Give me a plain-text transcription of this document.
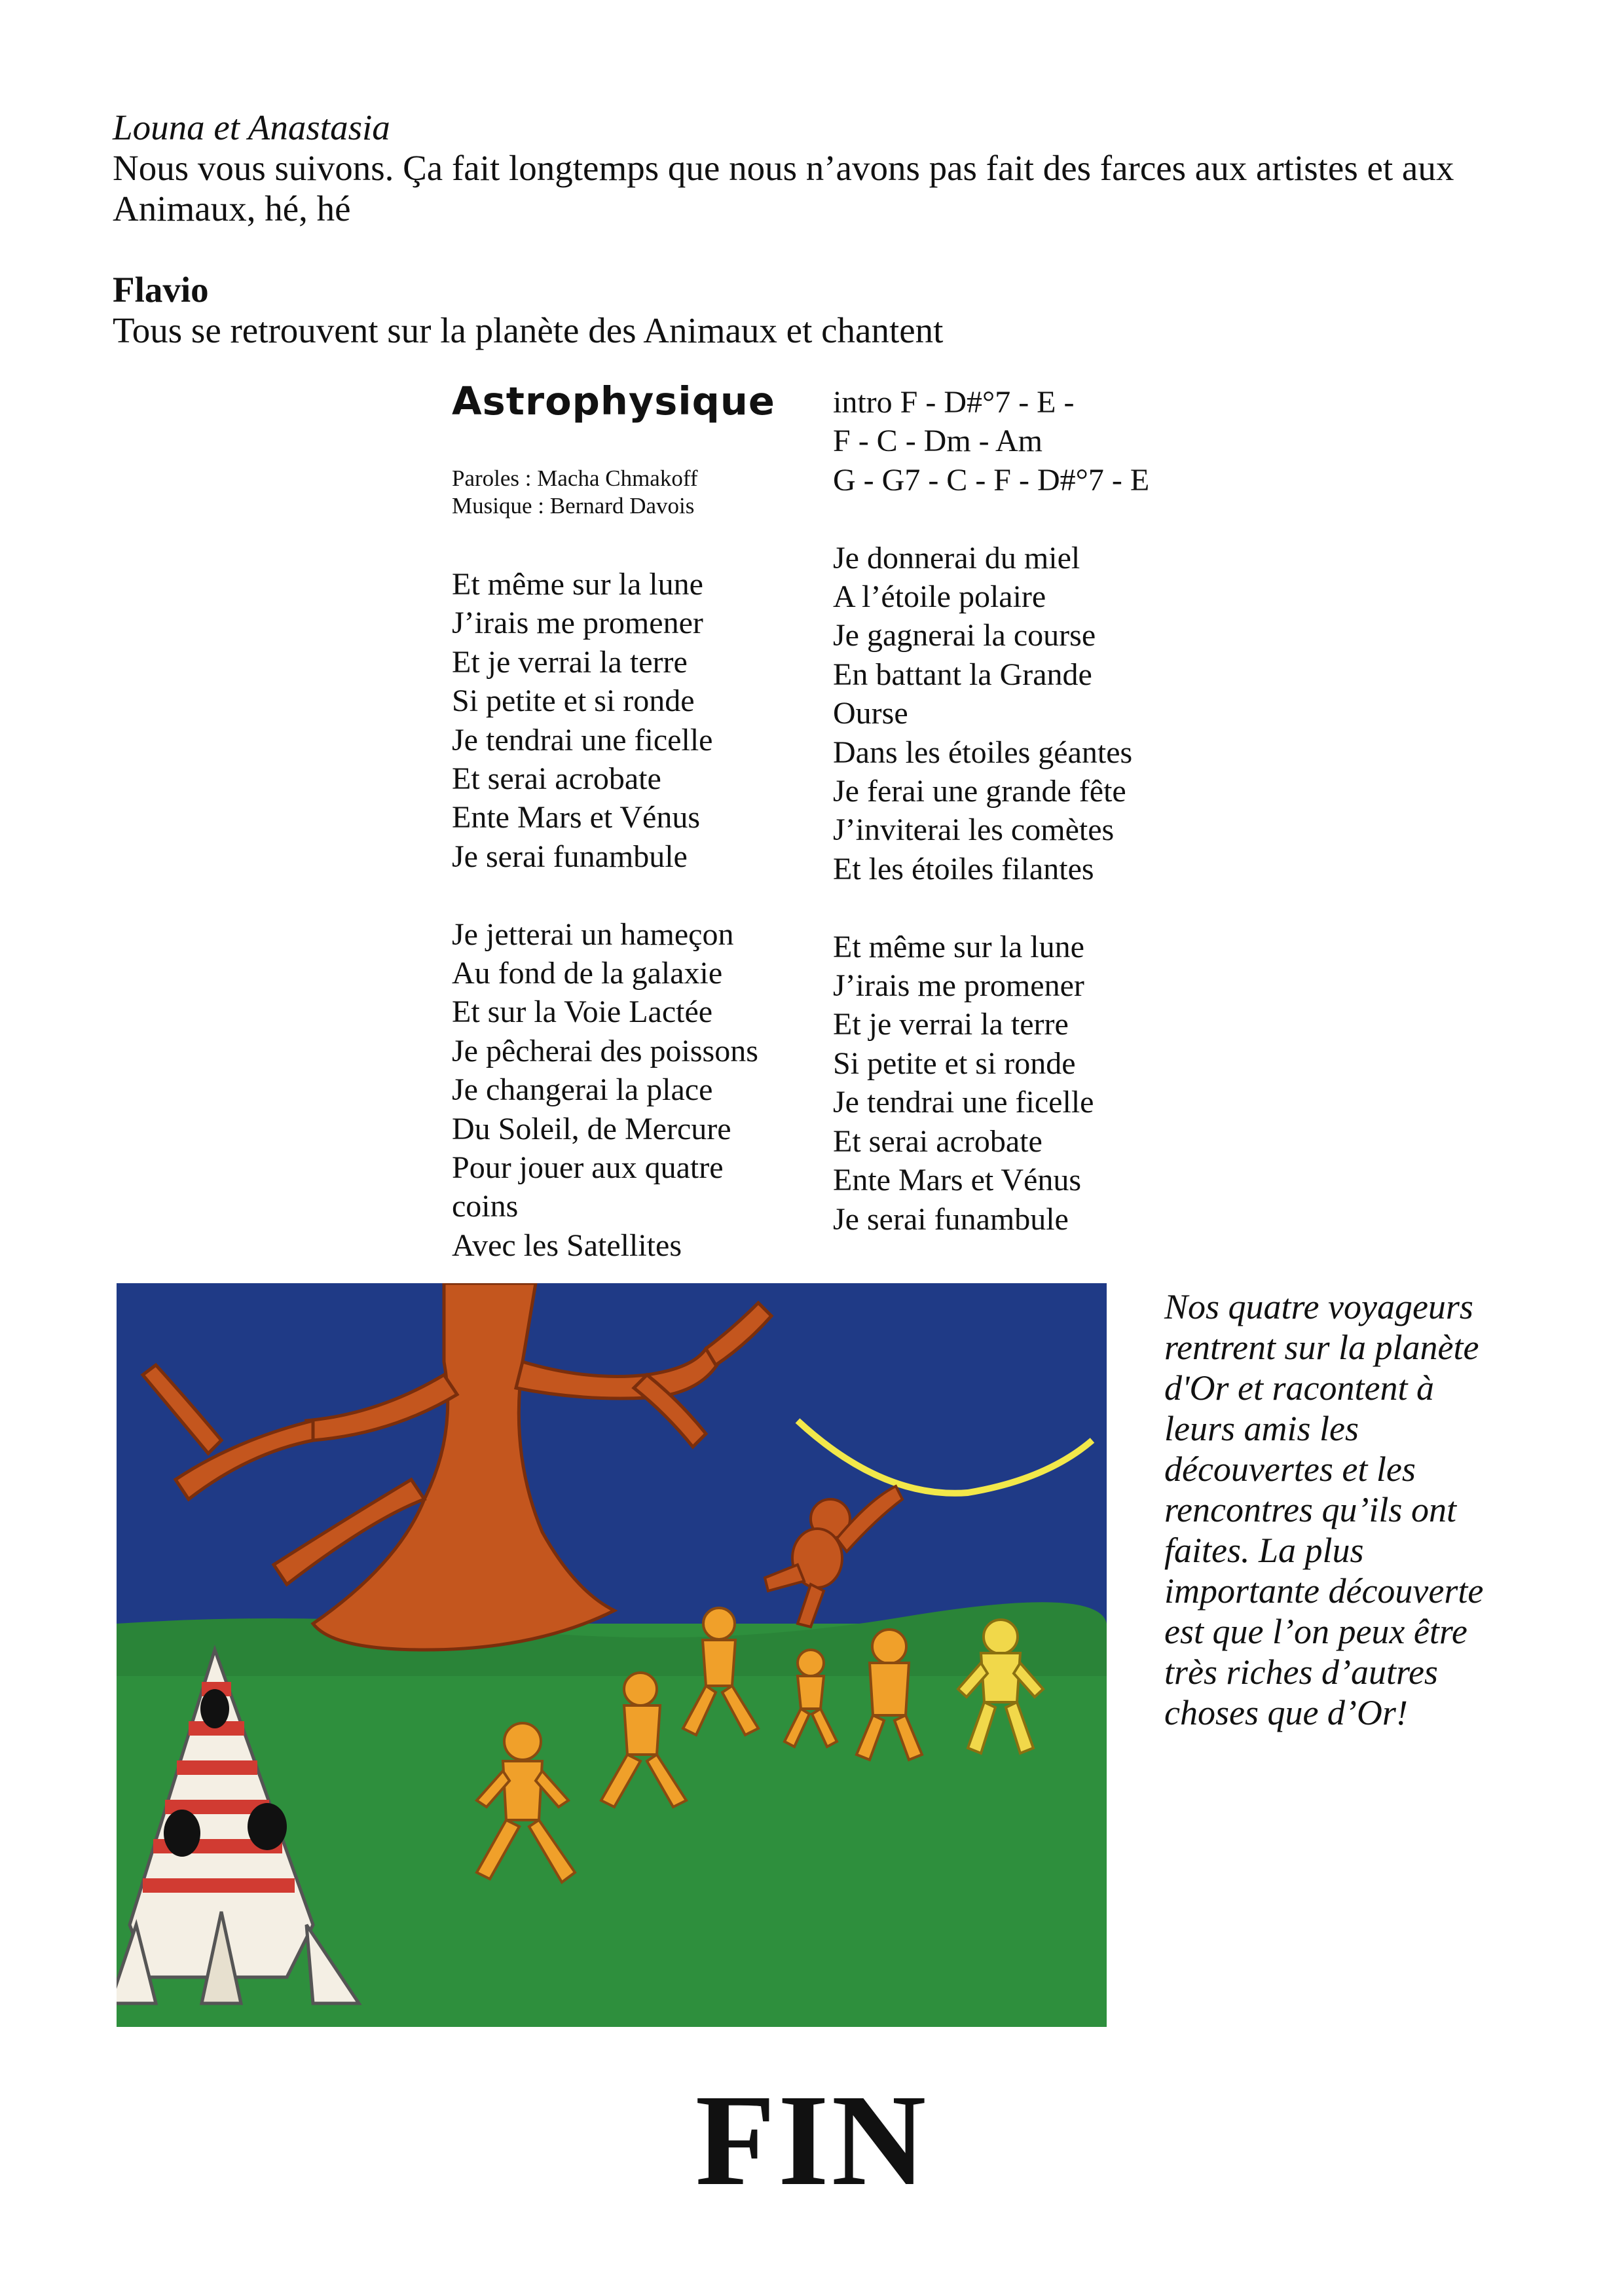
Louna et Anastasia

Nous vous suivons. Ça fait longtemps que nous n’avons pas fait des farces aux artistes et aux Animaux, hé, hé

Flavio

Tous se retrouvent sur la planète des Animaux et chantent

Astrophysique
Paroles : Macha Chmakoff
Musique : Bernard Davois
Et même sur la lune
J’irais me promener
Et je verrai la terre
Si petite et si ronde
Je tendrai une ficelle
Et serai acrobate
Ente Mars et Vénus
Je serai funambule
Je jetterai un hameçon
Au fond de la galaxie
Et sur la Voie Lactée
Je pêcherai des poissons
Je changerai la place
Du Soleil, de Mercure
Pour jouer aux quatre
coins
Avec les Satellites
intro F - D#°7 - E -
F - C - Dm - Am
G - G7 - C - F - D#°7 - E
Je donnerai du miel
A l’étoile polaire
Je gagnerai la course
En battant la Grande
Ourse
Dans les étoiles géantes
Je ferai une grande fête
J’inviterai les comètes
Et les étoiles filantes
Et même sur la lune
J’irais me promener
Et je verrai la terre
Si petite et si ronde
Je tendrai une ficelle
Et serai acrobate
Ente Mars et Vénus
Je serai funambule
Nos quatre voyageurs
rentrent sur la planète
d'Or et racontent à
leurs amis les
découvertes et les
rencontres qu’ils ont
faites. La plus
importante découverte
est que l’on peux être
très riches d’autres
choses que d’Or!
FIN
